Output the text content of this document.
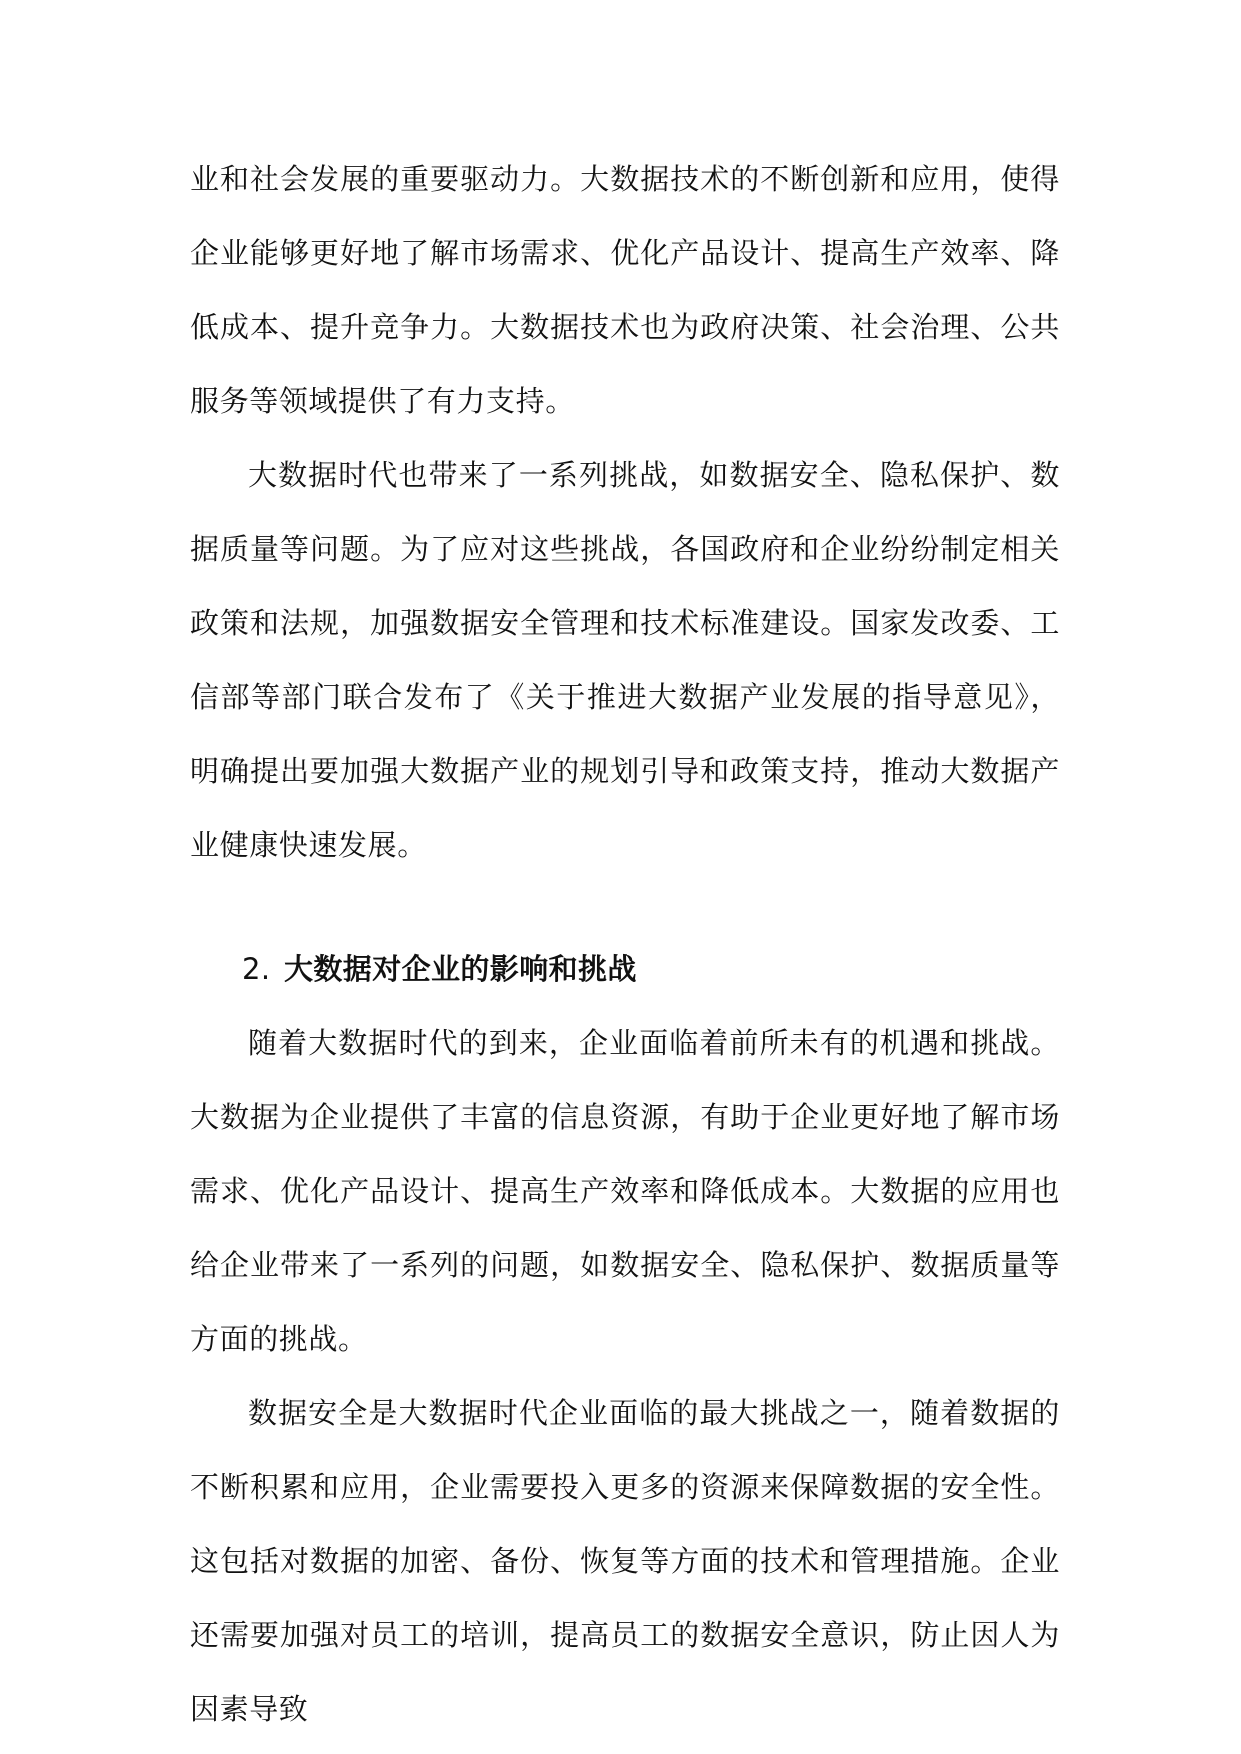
业和社会发展的重要驱动力。大数据技术的不断创新和应用，使得企业能够更好地了解市场需求、优化产品设计、提高生产效率、降低成本、提升竞争力。大数据技术也为政府决策、社会治理、公共服务等领域提供了有力支持。

大数据时代也带来了一系列挑战，如数据安全、隐私保护、数据质量等问题。为了应对这些挑战，各国政府和企业纷纷制定相关政策和法规，加强数据安全管理和技术标准建设。国家发改委、工信部等部门联合发布了《关于推进大数据产业发展的指导意见》，明确提出要加强大数据产业的规划引导和政策支持，推动大数据产业健康快速发展。

2. 大数据对企业的影响和挑战

随着大数据时代的到来，企业面临着前所未有的机遇和挑战。大数据为企业提供了丰富的信息资源，有助于企业更好地了解市场需求、优化产品设计、提高生产效率和降低成本。大数据的应用也给企业带来了一系列的问题，如数据安全、隐私保护、数据质量等方面的挑战。

数据安全是大数据时代企业面临的最大挑战之一，随着数据的不断积累和应用，企业需要投入更多的资源来保障数据的安全性。这包括对数据的加密、备份、恢复等方面的技术和管理措施。企业还需要加强对员工的培训，提高员工的数据安全意识，防止因人为因素导致
